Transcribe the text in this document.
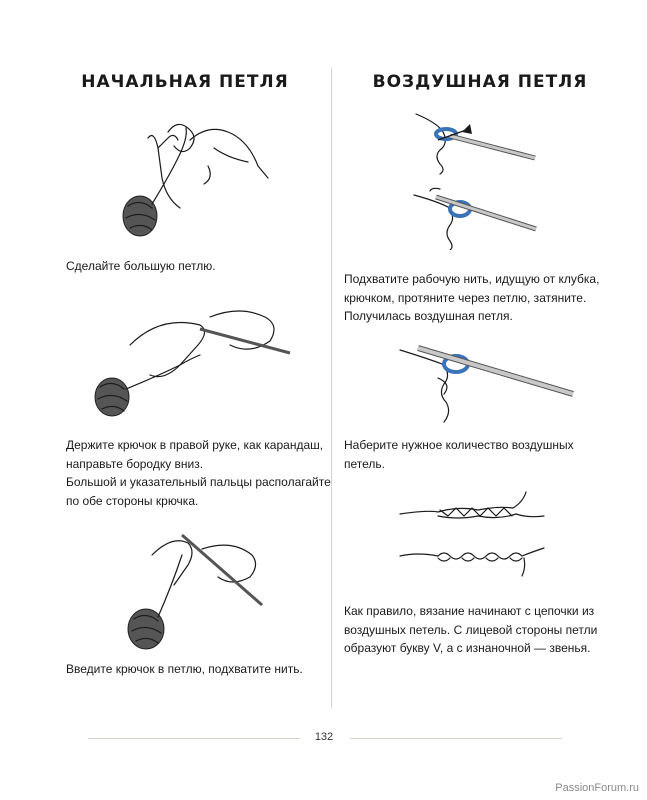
НАЧАЛЬНАЯ ПЕТЛЯ
Сделайте большую петлю.
Держите крючок в правой руке, как карандаш, направьте бородку вниз.
Большой и указательный пальцы располагайте по обе стороны крючка.
Введите крючок в петлю, подхватите нить.
ВОЗДУШНАЯ ПЕТЛЯ
Подхватите рабочую нить, идущую от клубка, крючком, протяните через петлю, затяните. Получилась воздушная петля.
Наберите нужное количество воздушных петель.
Как правило, вязание начинают с цепочки из воздушных петель. С лицевой стороны петли образуют букву V, а с изнаночной — звенья.
132
PassionForum.ru
